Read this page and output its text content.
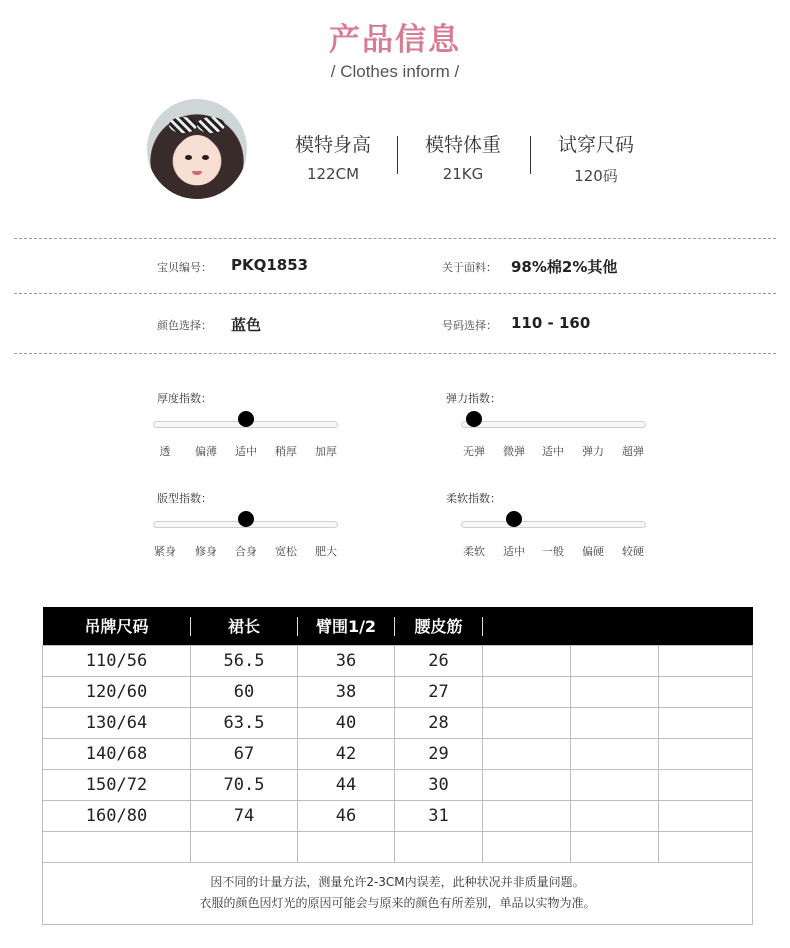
产品信息
/ Clothes inform /
模特身高
122CM
模特体重
21KG
试穿尺码
120码
宝贝编号： PKQ1853	关于面料： 98%棉2%其他
颜色选择： 蓝色	号码选择： 110 - 160
厚度指数：
透 偏薄 适中 稍厚 加厚
弹力指数：
无弹 微弹 适中 弹力 超弹
版型指数：
紧身 修身 合身 宽松 肥大
柔软指数：
柔软 适中 一般 偏硬 较硬
吊牌尺码	裙长	臂围1/2	腰皮筋			
110/56	56.5	36	26			
120/60	60	38	27			
130/64	63.5	40	28			
140/68	67	42	29			
150/72	70.5	44	30			
160/80	74	46	31			

因不同的计量方法，测量允许2-3CM内误差，此种状况并非质量问题。
衣服的颜色因灯光的原因可能会与原来的颜色有所差别，单品以实物为准。						
